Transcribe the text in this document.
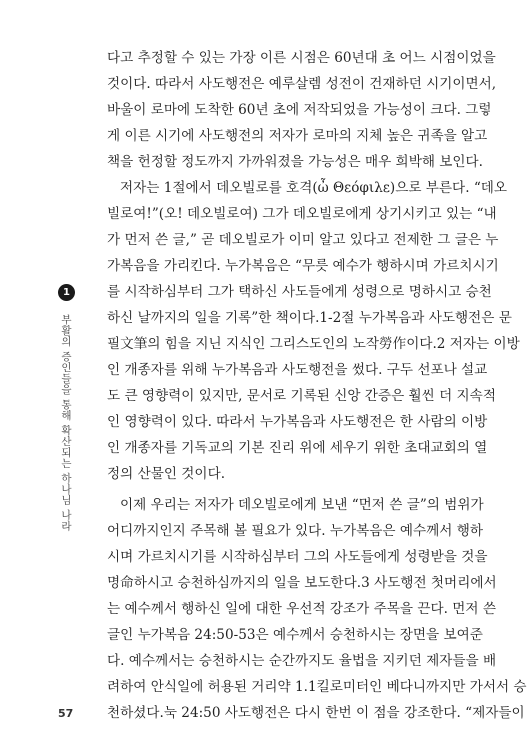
다고 추정할 수 있는 가장 이른 시점은 60년대 초 어느 시점이었을
것이다. 따라서 사도행전은 예루살렘 성전이 건재하던 시기이면서,
바울이 로마에 도착한 60년 초에 저작되었을 가능성이 크다. 그렇
게 이른 시기에 사도행전의 저자가 로마의 지체 높은 귀족을 알고
책을 헌정할 정도까지 가까워졌을 가능성은 매우 희박해 보인다.
저자는 1절에서 데오빌로를 호격(ὦ Θεόφιλε)으로 부른다. “데오
빌로여!”(오! 데오빌로여) 그가 데오빌로에게 상기시키고 있는 “내
가 먼저 쓴 글,” 곧 데오빌로가 이미 알고 있다고 전제한 그 글은 누
가복음을 가리킨다. 누가복음은 “무릇 예수가 행하시며 가르치시기
를 시작하심부터 그가 택하신 사도들에게 성령으로 명하시고 승천
하신 날까지의 일을 기록”한 책이다.1-2절 누가복음과 사도행전은 문
필文筆의 힘을 지닌 지식인 그리스도인의 노작勞作이다.2 저자는 이방
인 개종자를 위해 누가복음과 사도행전을 썼다. 구두 선포나 설교
도 큰 영향력이 있지만, 문서로 기록된 신앙 간증은 훨씬 더 지속적
인 영향력이 있다. 따라서 누가복음과 사도행전은 한 사람의 이방
인 개종자를 기독교의 기본 진리 위에 세우기 위한 초대교회의 열
정의 산물인 것이다.
이제 우리는 저자가 데오빌로에게 보낸 “먼저 쓴 글”의 범위가
어디까지인지 주목해 볼 필요가 있다. 누가복음은 예수께서 행하
시며 가르치시기를 시작하심부터 그의 사도들에게 성령받을 것을
명命하시고 승천하심까지의 일을 보도한다.3 사도행전 첫머리에서
는 예수께서 행하신 일에 대한 우선적 강조가 주목을 끈다. 먼저 쓴
글인 누가복음 24:50-53은 예수께서 승천하시는 장면을 보여준
다. 예수께서는 승천하시는 순간까지도 율법을 지키던 제자들을 배
려하여 안식일에 허용된 거리약 1.1킬로미터인 베다니까지만 가서서 승
천하셨다.눅 24:50 사도행전은 다시 한번 이 점을 강조한다. “제자들이
1
부활의 증인들을 통해 확산되는 하나님 나라
57
